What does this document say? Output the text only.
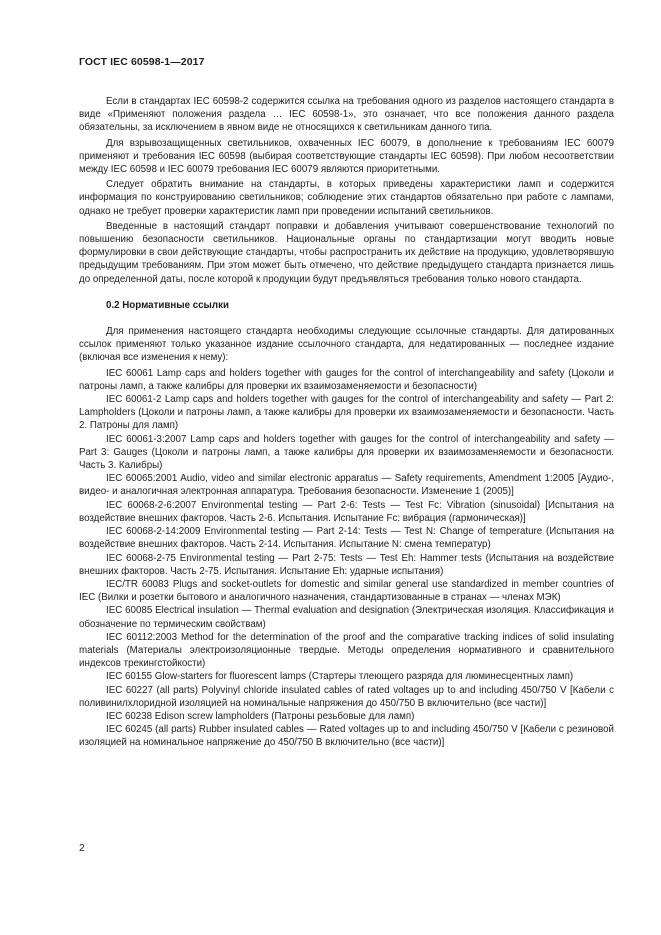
ГОСТ IEC 60598-1—2017

Если в стандартах IEC 60598-2 содержится ссылка на требования одного из разделов настоящего стандарта в виде «Применяют положения раздела … IEC 60598-1», это означает, что все положения данного раздела обязательны, за исключением в явном виде не относящихся к светильникам данного типа.

Для взрывозащищенных светильников, охваченных IEC 60079, в дополнение к требованиям IEC 60079 применяют и требования IEC 60598 (выбирая соответствующие стандарты IEC 60598). При любом несоответствии между IEC 60598 и IEC 60079 требования IEC 60079 являются приоритетными.

Следует обратить внимание на стандарты, в которых приведены характеристики ламп и содержится информация по конструированию светильников; соблюдение этих стандартов обязательно при работе с лампами, однако не требует проверки характеристик ламп при проведении испытаний светильников.

Введенные в настоящий стандарт поправки и добавления учитывают совершенствование технологий по повышению безопасности светильников. Национальные органы по стандартизации могут вводить новые формулировки в свои действующие стандарты, чтобы распространить их действие на продукцию, удовлетворявшую предыдущим требованиям. При этом может быть отмечено, что действие предыдущего стандарта признается лишь до определенной даты, после которой к продукции будут предъявляться требования только нового стандарта.

0.2 Нормативные ссылки

Для применения настоящего стандарта необходимы следующие ссылочные стандарты. Для датированных ссылок применяют только указанное издание ссылочного стандарта, для недатированных — последнее издание (включая все изменения к нему):

IEC 60061 Lamp caps and holders together with gauges for the control of interchangeability and safety (Цоколи и патроны ламп, а также калибры для проверки их взаимозаменяемости и безопасности)

IEC 60061-2 Lamp caps and holders together with gauges for the control of interchangeability and safety — Part 2: Lampholders (Цоколи и патроны ламп, а также калибры для проверки их взаимозаменяемости и безопасности. Часть 2. Патроны для ламп)

IEC 60061-3:2007 Lamp caps and holders together with gauges for the control of interchangeability and safety — Part 3: Gauges (Цоколи и патроны ламп, а также калибры для проверки их взаимозаменяемости и безопасности. Часть 3. Калибры)

IEC 60065:2001 Audio, video and similar electronic apparatus — Safety requirements, Amendment 1:2005 [Аудио-, видео- и аналогичная электронная аппаратура. Требования безопасности. Изменение 1 (2005)]

IEC 60068-2-6:2007 Environmental testing — Part 2-6: Tests — Test Fc: Vibration (sinusoidal) [Испытания на воздействие внешних факторов. Часть 2-6. Испытания. Испытание Fc: вибрация (гармоническая)]

IEC 60068-2-14:2009 Environmental testing — Part 2-14: Tests — Test N: Change of temperature (Испытания на воздействие внешних факторов. Часть 2-14. Испытания. Испытание N: смена температур)

IEC 60068-2-75 Environmental testing — Part 2-75: Tests — Test Eh: Hammer tests (Испытания на воздействие внешних факторов. Часть 2-75. Испытания. Испытание Eh: ударные испытания)

IEC/TR 60083 Plugs and socket-outlets for domestic and similar general use standardized in member countries of IEC (Вилки и розетки бытового и аналогичного назначения, стандартизованные в странах — членах МЭК)

IEC 60085 Electrical insulation — Thermal evaluation and designation (Электрическая изоляция. Классификация и обозначение по термическим свойствам)

IEC 60112:2003 Method for the determination of the proof and the comparative tracking indices of solid insulating materials (Материалы электроизоляционные твердые. Методы определения нормативного и сравнительного индексов трекингстойкости)

IEC 60155 Glow-starters for fluorescent lamps (Стартеры тлеющего разряда для люминесцентных ламп)

IEC 60227 (all parts) Polyvinyl chloride insulated cables of rated voltages up to and including 450/750 V [Кабели с поливинилхлоридной изоляцией на номинальные напряжения до 450/750 В включительно (все части)]

IEC 60238 Edison screw lampholders (Патроны резьбовые для ламп)

IEC 60245 (all parts) Rubber insulated cables — Rated voltages up to and including 450/750 V [Кабели с резиновой изоляцией на номинальное напряжение до 450/750 В включительно (все части)]

2
